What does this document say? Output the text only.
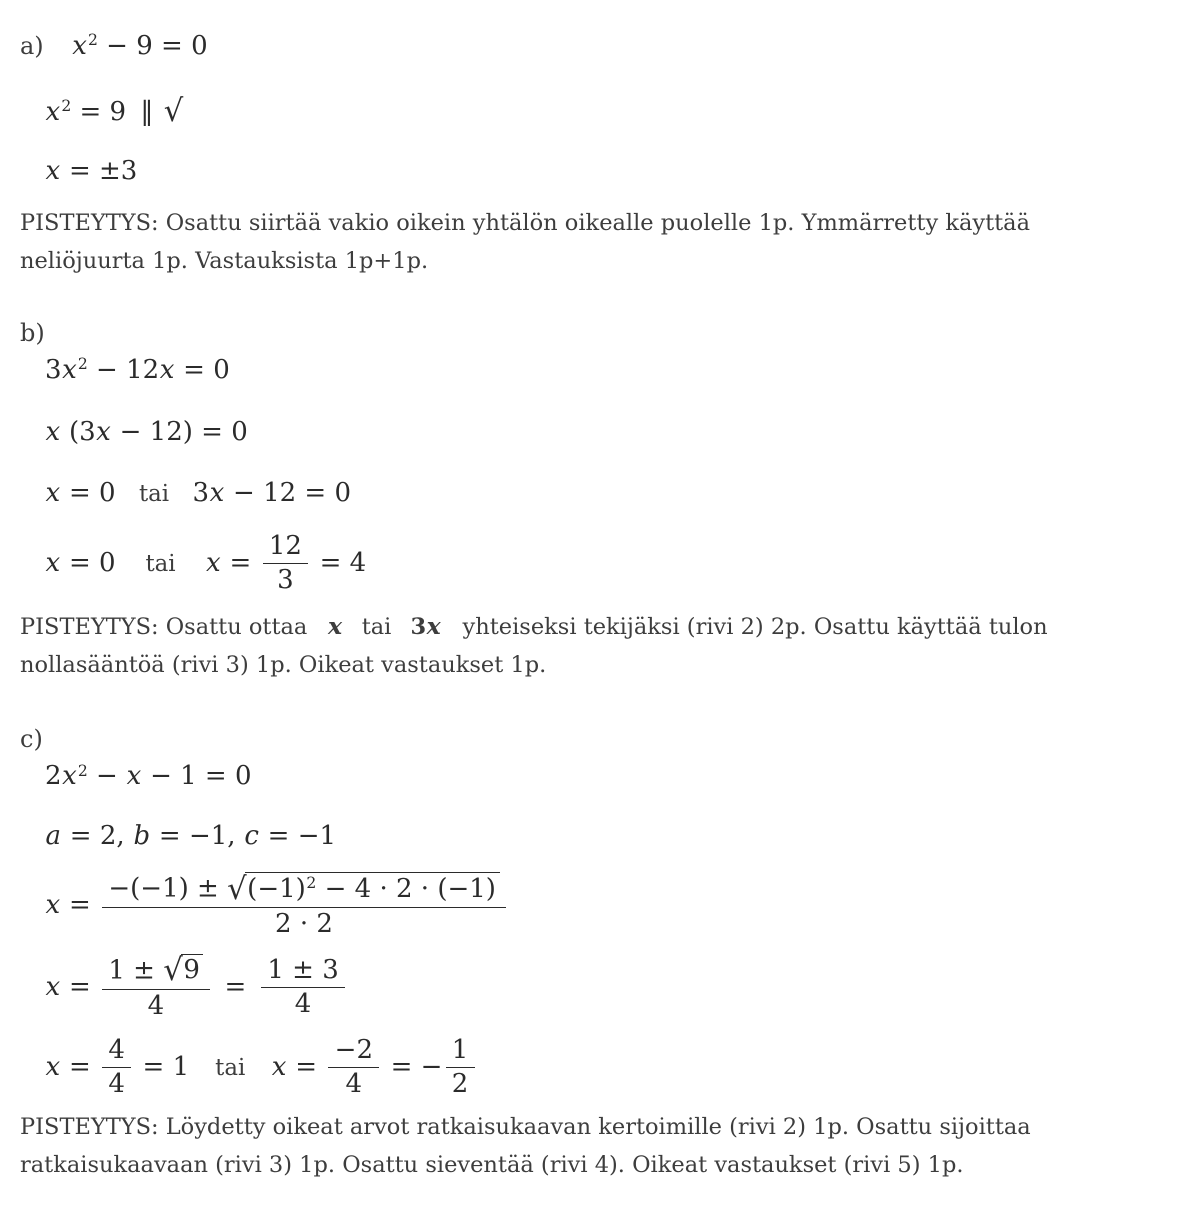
a) x2 − 9 = 0
x2 = 9 ‖ √
x = ±3

PISTEYTYS: Osattu siirtää vakio oikein yhtälön oikealle puolelle 1p. Ymmärretty käyttää neliöjuurta 1p. Vastauksista 1p+1p.

b)
3x2 − 12x = 0
x (3x − 12) = 0
x = 0 tai 3x − 12 = 0
x = 0 tai $x = \frac{12}{3} = 4$

PISTEYTYS: Osattu ottaa x tai 3x yhteiseksi tekijäksi (rivi 2) 2p. Osattu käyttää tulon nollasääntöä (rivi 3) 1p. Oikeat vastaukset 1p.

c)
2x2 − x − 1 = 0
a = 2, b = −1, c = −1
$x = \frac{-(-1) \pm √(-1)2 - 4 \cdot 2 \cdot (-1)}{2 \cdot 2}$
$x = \frac{1 \pm √9}{4} = \frac{1 \pm 3}{4}$
$x = \frac{4}{4} = 1$ tai $x = \frac{-2}{4}$ = − $\frac{1}{2}$

PISTEYTYS: Löydetty oikeat arvot ratkaisukaavan kertoimille (rivi 2) 1p. Osattu sijoittaa ratkaisukaavaan (rivi 3) 1p. Osattu sieventää (rivi 4). Oikeat vastaukset (rivi 5) 1p.
